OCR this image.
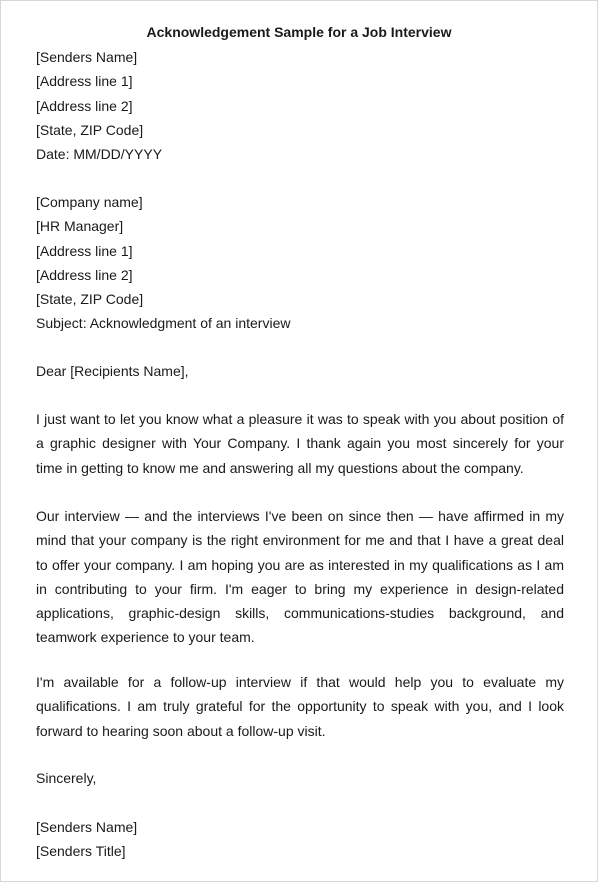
Acknowledgement Sample for a Job Interview
[Senders Name]
[Address line 1]
[Address line 2]
[State, ZIP Code]
Date: MM/DD/YYYY
[Company name]
[HR Manager]
[Address line 1]
[Address line 2]
[State, ZIP Code]
Subject: Acknowledgment of an interview
Dear [Recipients Name],
I just want to let you know what a pleasure it was to speak with you about position of a graphic designer with Your Company. I thank again you most sincerely for your time in getting to know me and answering all my questions about the company.
Our interview — and the interviews I've been on since then — have affirmed in my mind that your company is the right environment for me and that I have a great deal to offer your company. I am hoping you are as interested in my qualifications as I am in contributing to your firm. I'm eager to bring my experience in design-related applications, graphic-design skills, communications-studies background, and teamwork experience to your team.
I'm available for a follow-up interview if that would help you to evaluate my qualifications. I am truly grateful for the opportunity to speak with you, and I look forward to hearing soon about a follow-up visit.
Sincerely,
[Senders Name]
[Senders Title]
